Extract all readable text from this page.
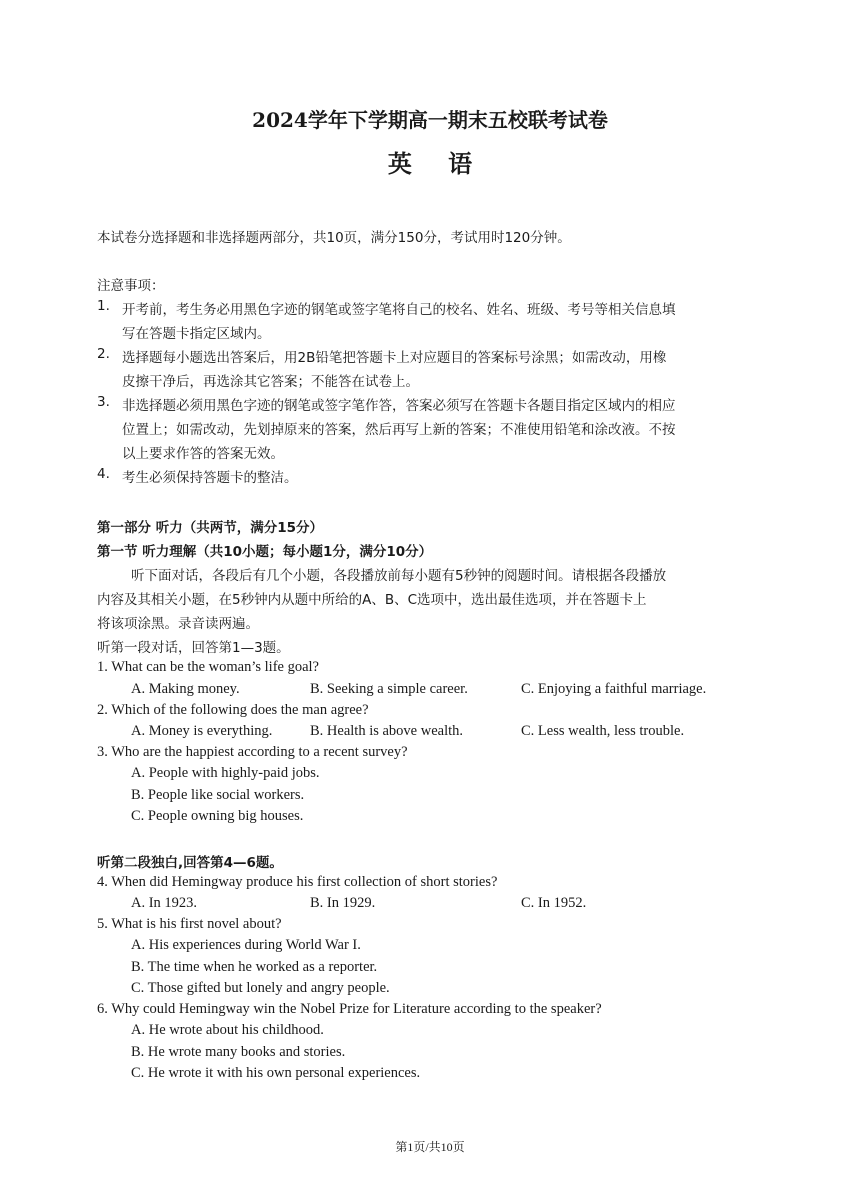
2024学年下学期高一期末五校联考试卷
英 语
本试卷分选择题和非选择题两部分，共10页，满分150分，考试用时120分钟。
注意事项：
1. 开考前，考生务必用黑色字迹的钢笔或签字笔将自己的校名、姓名、班级、考号等相关信息填
写在答题卡指定区域内。
2. 选择题每小题选出答案后，用2B铅笔把答题卡上对应题目的答案标号涂黑；如需改动，用橡
皮擦干净后，再选涂其它答案；不能答在试卷上。
3. 非选择题必须用黑色字迹的钢笔或签字笔作答，答案必须写在答题卡各题目指定区域内的相应
位置上；如需改动，先划掉原来的答案，然后再写上新的答案；不准使用铅笔和涂改液。不按
以上要求作答的答案无效。
4. 考生必须保持答题卡的整洁。
第一部分 听力（共两节，满分15分）
第一节 听力理解（共10小题；每小题1分，满分10分）
听下面对话，各段后有几个小题，各段播放前每小题有5秒钟的阅题时间。请根据各段播放
内容及其相关小题，在5秒钟内从题中所给的A、B、C选项中，选出最佳选项，并在答题卡上
将该项涂黑。录音读两遍。
听第一段对话，回答第1—3题。
1. What can be the woman’s life goal?
A. Making money.	B. Seeking a simple career.	C. Enjoying a faithful marriage.
2. Which of the following does the man agree?
A. Money is everything.	B. Health is above wealth.	C. Less wealth, less trouble.
3. Who are the happiest according to a recent survey?
A. People with highly-paid jobs.
B. People like social workers.
C. People owning big houses.
听第二段独白,回答第4—6题。
4. When did Hemingway produce his first collection of short stories?
A. In 1923.	B. In 1929.	C. In 1952.
5. What is his first novel about?
A. His experiences during World War I.
B. The time when he worked as a reporter.
C. Those gifted but lonely and angry people.
6. Why could Hemingway win the Nobel Prize for Literature according to the speaker?
A. He wrote about his childhood.
B. He wrote many books and stories.
C. He wrote it with his own personal experiences.
第1页/共10页
